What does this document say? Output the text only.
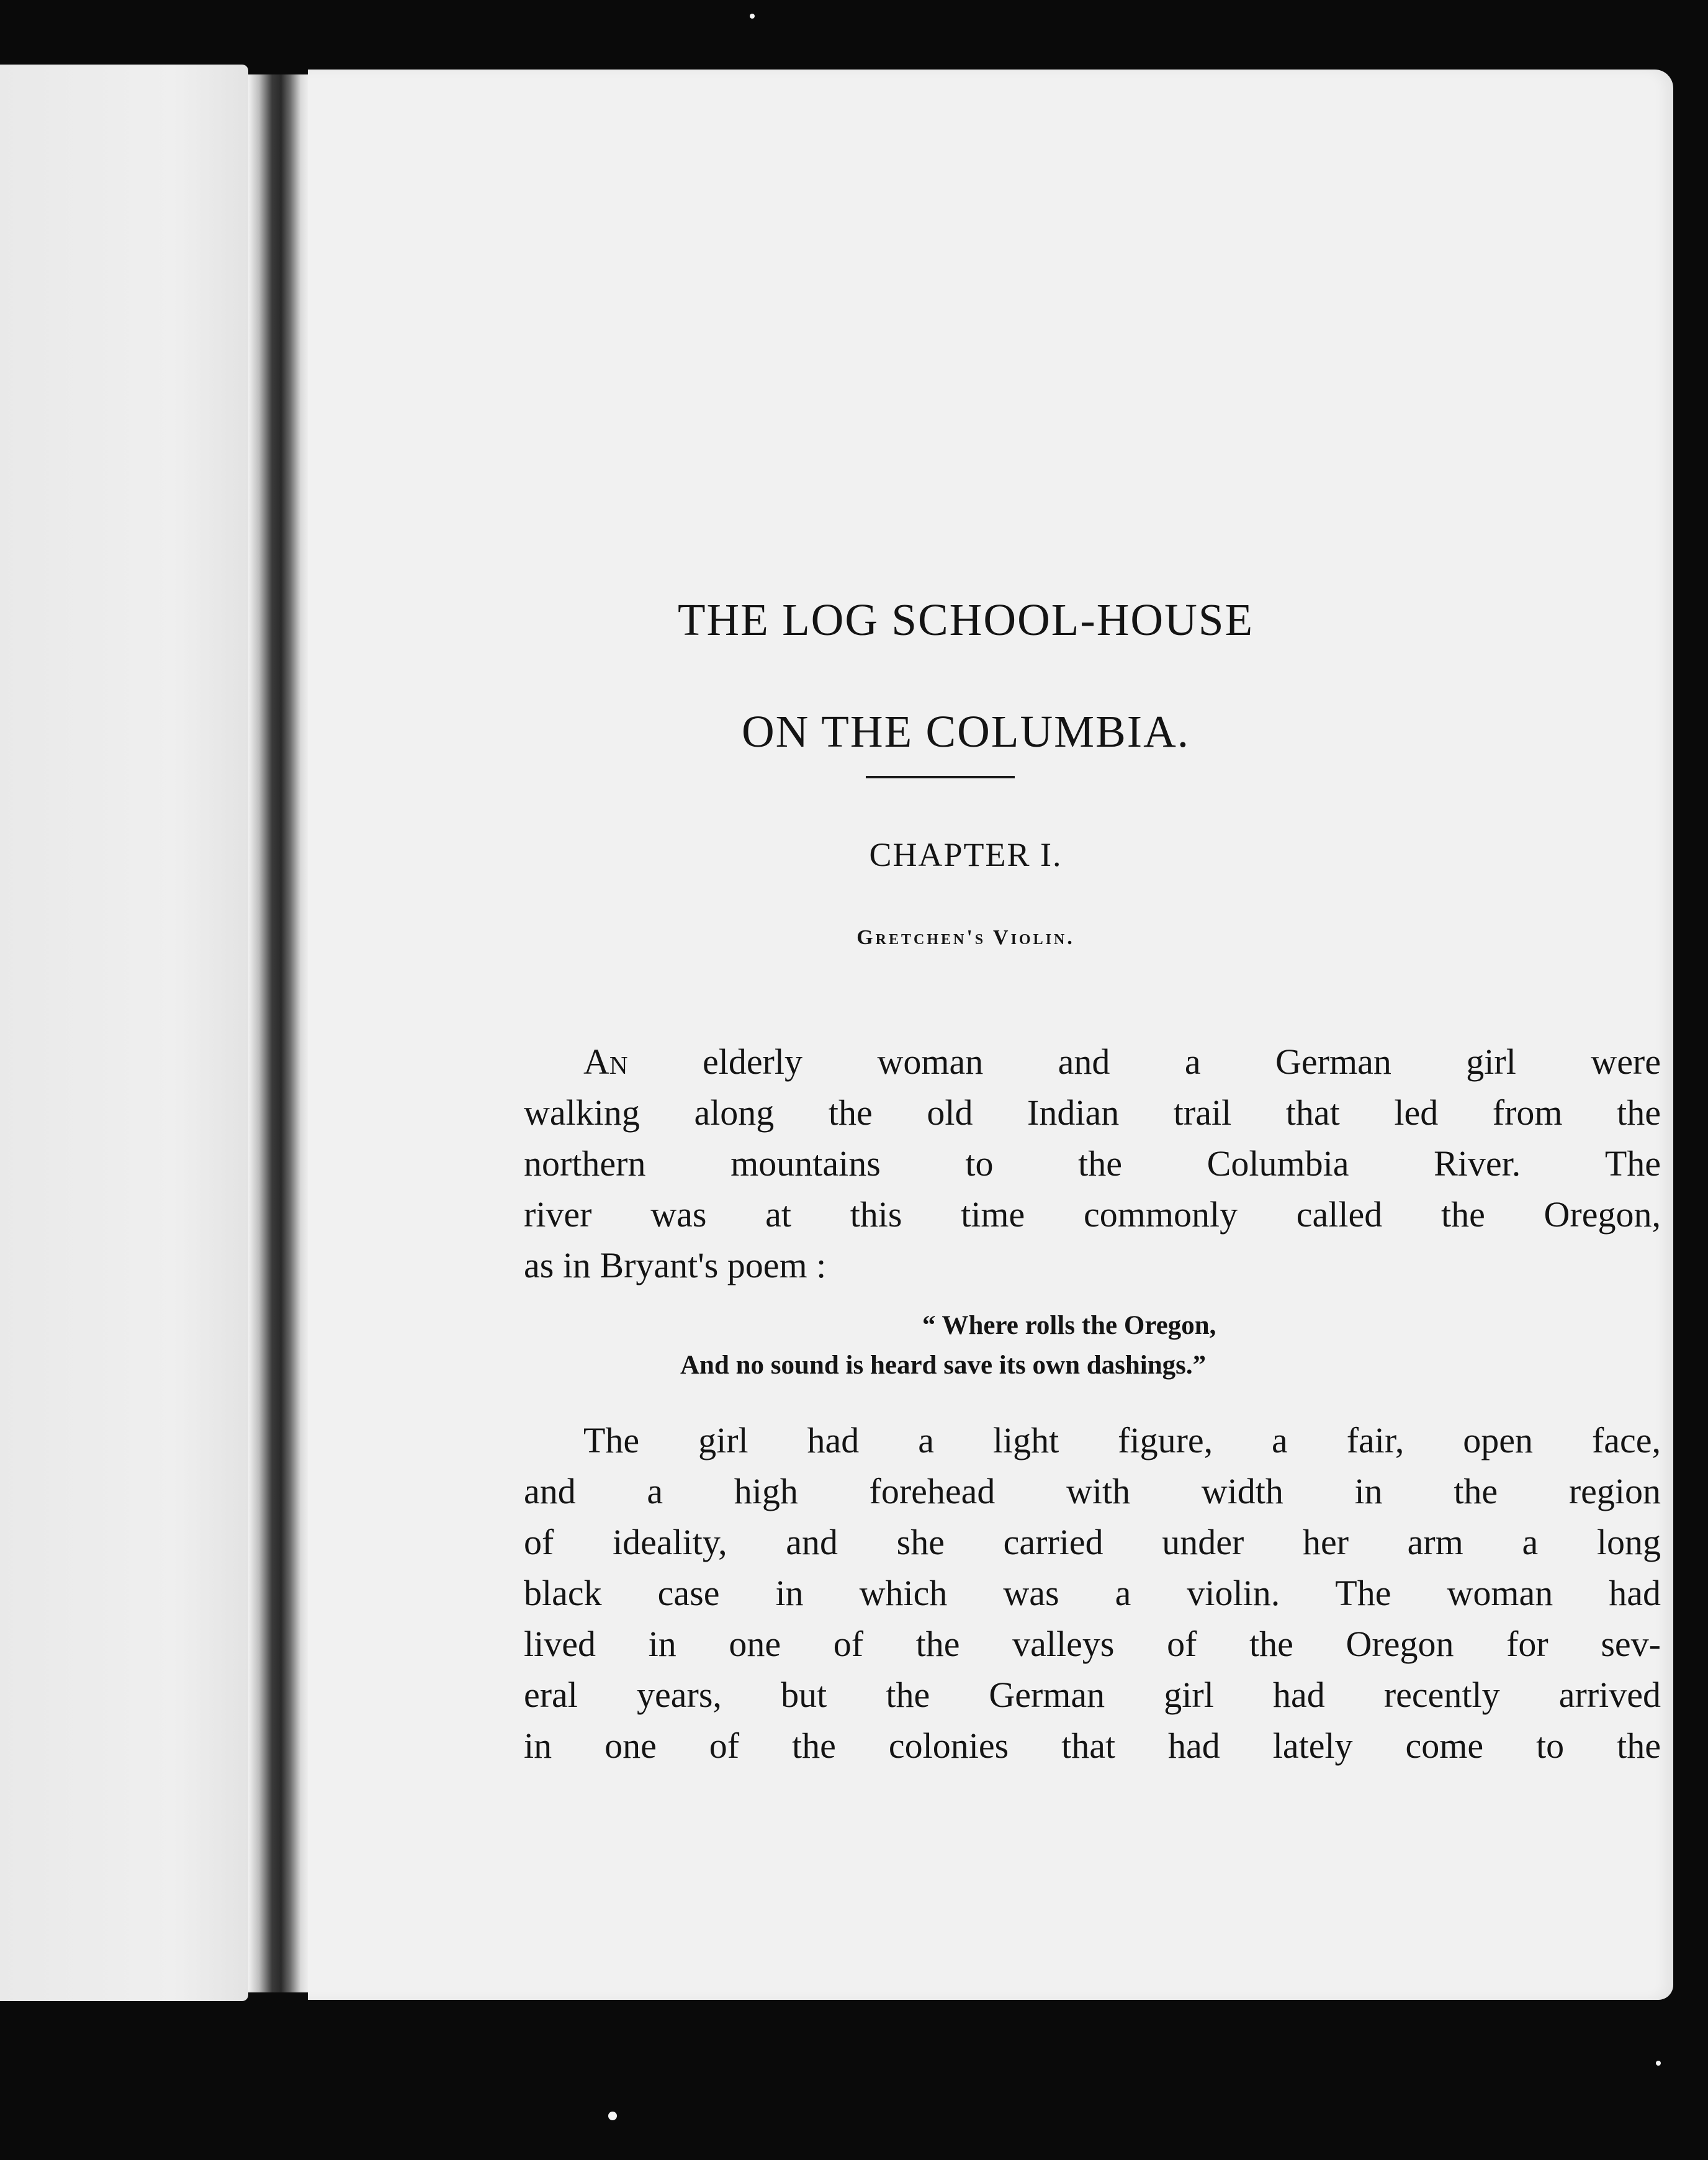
THE LOG SCHOOL-HOUSE
ON THE COLUMBIA.
CHAPTER I.
Gretchen's Violin.
An elderly woman and a German girl were
walking along the old Indian trail that led from the
northern mountains to the Columbia River. The
river was at this time commonly called the Oregon,
as in Bryant's poem :
“ Where rolls the Oregon,
And no sound is heard save its own dashings.”
The girl had a light figure, a fair, open face,
and a high forehead with width in the region
of ideality, and she carried under her arm a long
black case in which was a violin. The woman had
lived in one of the valleys of the Oregon for sev-
eral years, but the German girl had recently arrived
in one of the colonies that had lately come to the
